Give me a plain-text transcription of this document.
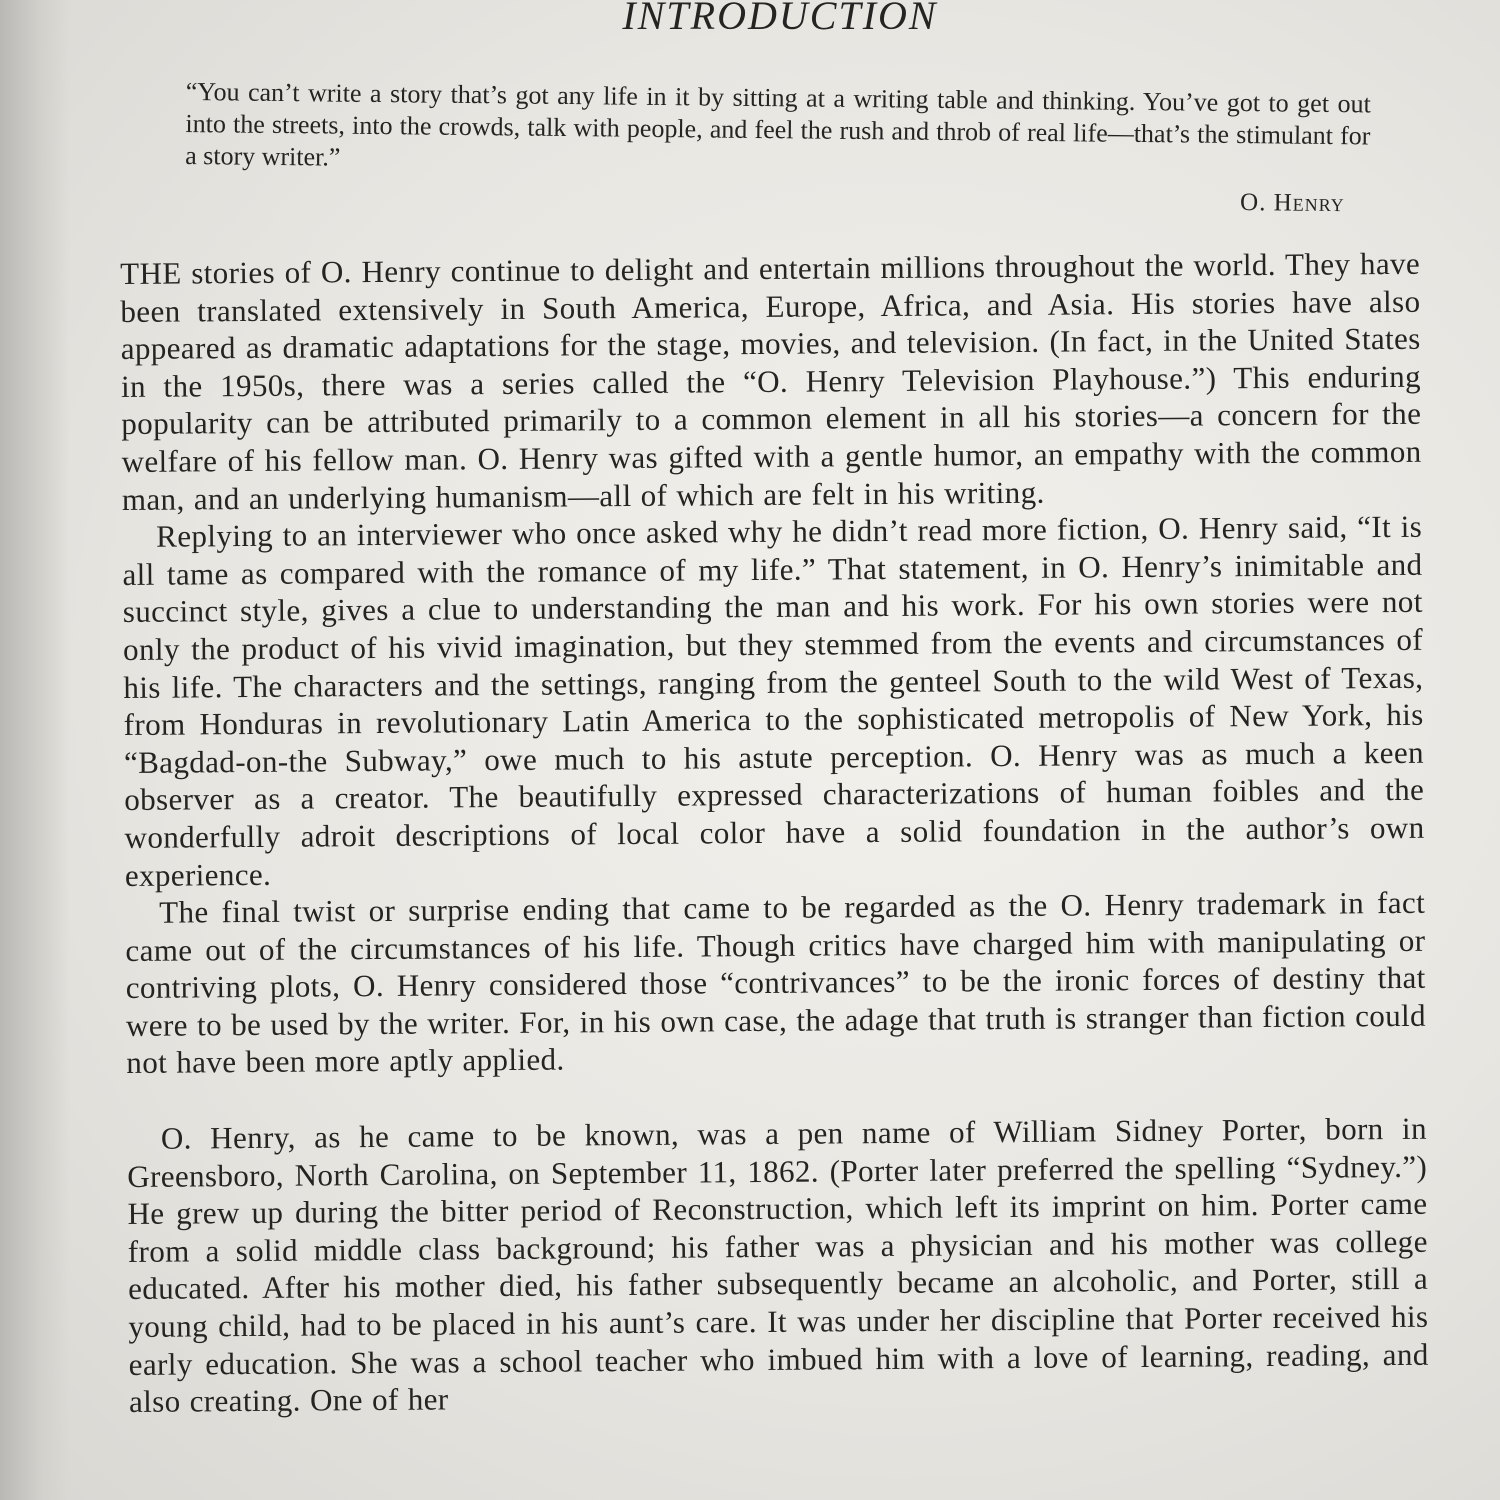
INTRODUCTION

“You can’t write a story that’s got any life in it by sitting at a writing table and thinking. You’ve got to get out into the streets, into the crowds, talk with people, and feel the rush and throb of real life—that’s the stimulant for a story writer.”

O. Henry

THE stories of O. Henry continue to delight and entertain millions throughout the world. They have been translated extensively in South America, Europe, Africa, and Asia. His stories have also appeared as dramatic adaptations for the stage, movies, and television. (In fact, in the United States in the 1950s, there was a series called the “O. Henry Television Playhouse.”) This enduring popularity can be attributed primarily to a common element in all his stories—a concern for the welfare of his fellow man. O. Henry was gifted with a gentle humor, an empathy with the common man, and an underlying humanism—all of which are felt in his writing.

Replying to an interviewer who once asked why he didn’t read more fiction, O. Henry said, “It is all tame as compared with the romance of my life.” That statement, in O. Henry’s inimitable and succinct style, gives a clue to understanding the man and his work. For his own stories were not only the product of his vivid imagination, but they stemmed from the events and circumstances of his life. The characters and the settings, ranging from the genteel South to the wild West of Texas, from Honduras in revolutionary Latin America to the sophisticated metropolis of New York, his “Bagdad-on-the Subway,” owe much to his astute perception. O. Henry was as much a keen observer as a creator. The beautifully expressed characterizations of human foibles and the wonderfully adroit descriptions of local color have a solid foundation in the author’s own experience.

The final twist or surprise ending that came to be regarded as the O. Henry trademark in fact came out of the circumstances of his life. Though critics have charged him with manipulating or contriving plots, O. Henry considered those “contrivances” to be the ironic forces of destiny that were to be used by the writer. For, in his own case, the adage that truth is stranger than fiction could not have been more aptly applied.

O. Henry, as he came to be known, was a pen name of William Sidney Porter, born in Greensboro, North Carolina, on September 11, 1862. (Porter later preferred the spelling “Sydney.”) He grew up during the bitter period of Reconstruction, which left its imprint on him. Porter came from a solid middle class background; his father was a physician and his mother was college educated. After his mother died, his father subsequently became an alcoholic, and Porter, still a young child, had to be placed in his aunt’s care. It was under her discipline that Porter received his early education. She was a school teacher who imbued him with a love of learning, reading, and also creating. One of her
